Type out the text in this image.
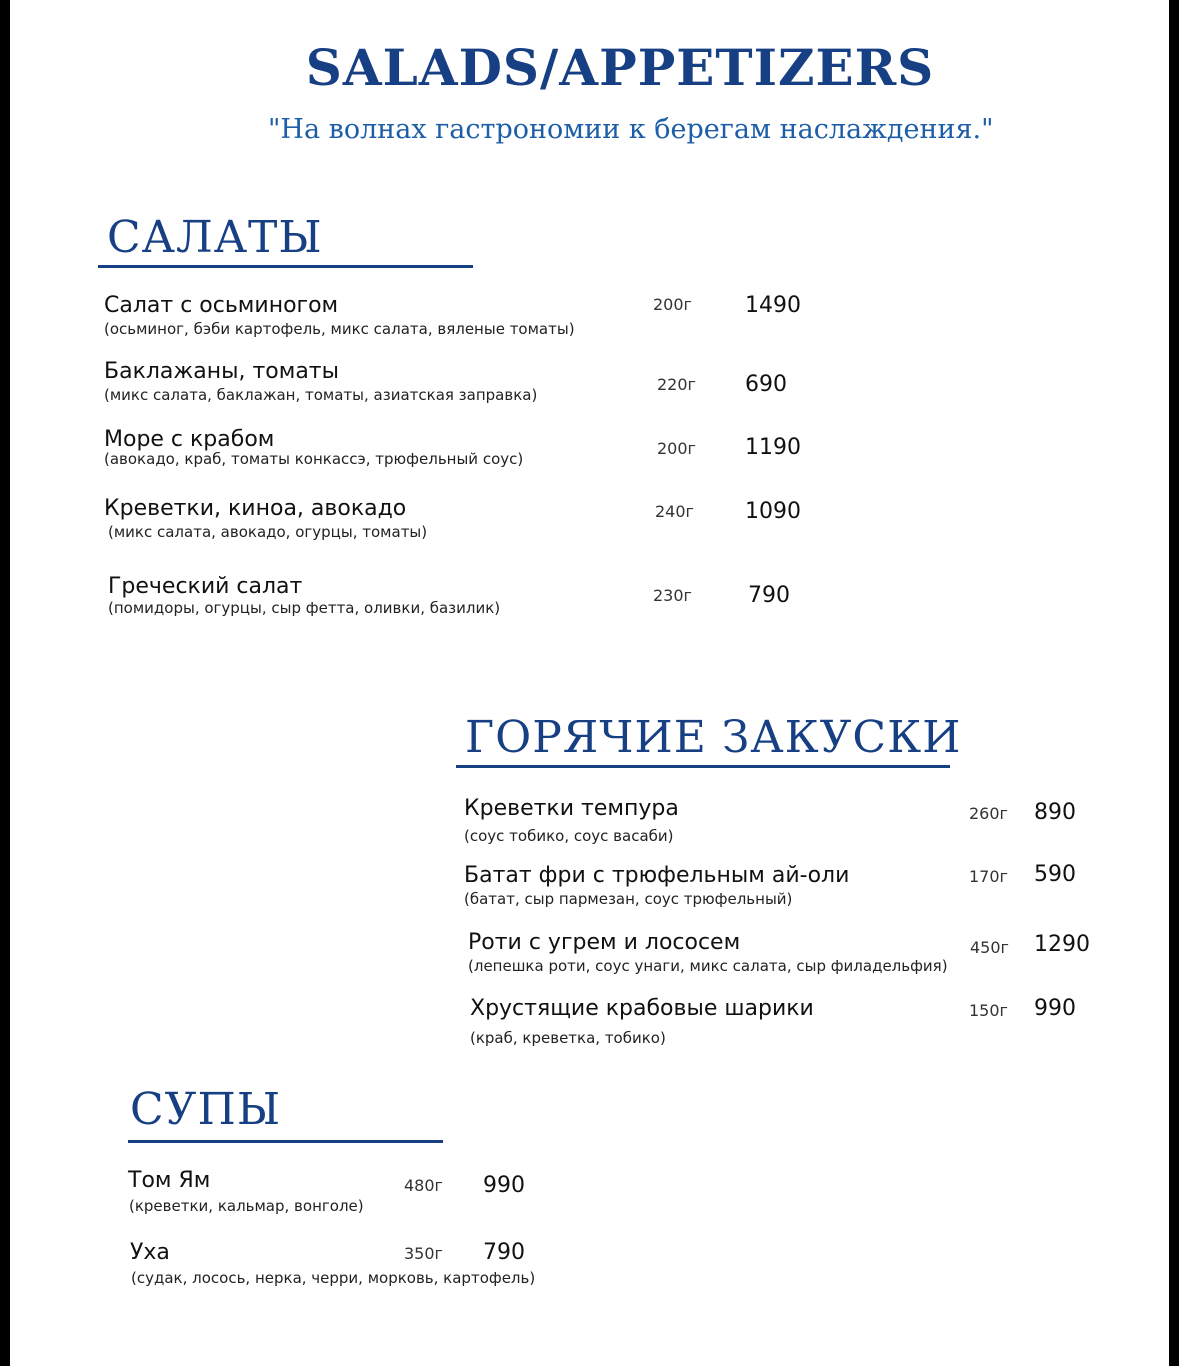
SALADS/APPETIZERS
"На волнах гастрономии к берегам наслаждения."
САЛАТЫ
Салат с осьминогом
(осьминог, бэби картофель, микс салата, вяленые томаты)
200г 1490
Баклажаны, томаты
(микс салата, баклажан, томаты, азиатская заправка)
220г 690
Море с крабом
(авокадо, краб, томаты конкассэ, трюфельный соус)
200г 1190
Креветки, киноа, авокадо
(микс салата, авокадо, огурцы, томаты)
240г 1090
Греческий салат
(помидоры, огурцы, сыр фетта, оливки, базилик)
230г	790
ГОРЯЧИЕ ЗАКУСКИ
Креветки темпура
(соус тобико, соус васаби)
260г 890
Батат фри с трюфельным ай-оли
(батат, сыр пармезан, соус трюфельный)
170г 590
Роти с угрем и лососем
(лепешка роти, соус унаги, микс салата, сыр филадельфия)
450г 1290
Хрустящие крабовые шарики
(краб, креветка, тобико)
150г 990
СУПЫ
Том Ям
(креветки, кальмар, вонголе)
480г 990
Уха
(судак, лосось, нерка, черри, морковь, картофель)
350г 790
